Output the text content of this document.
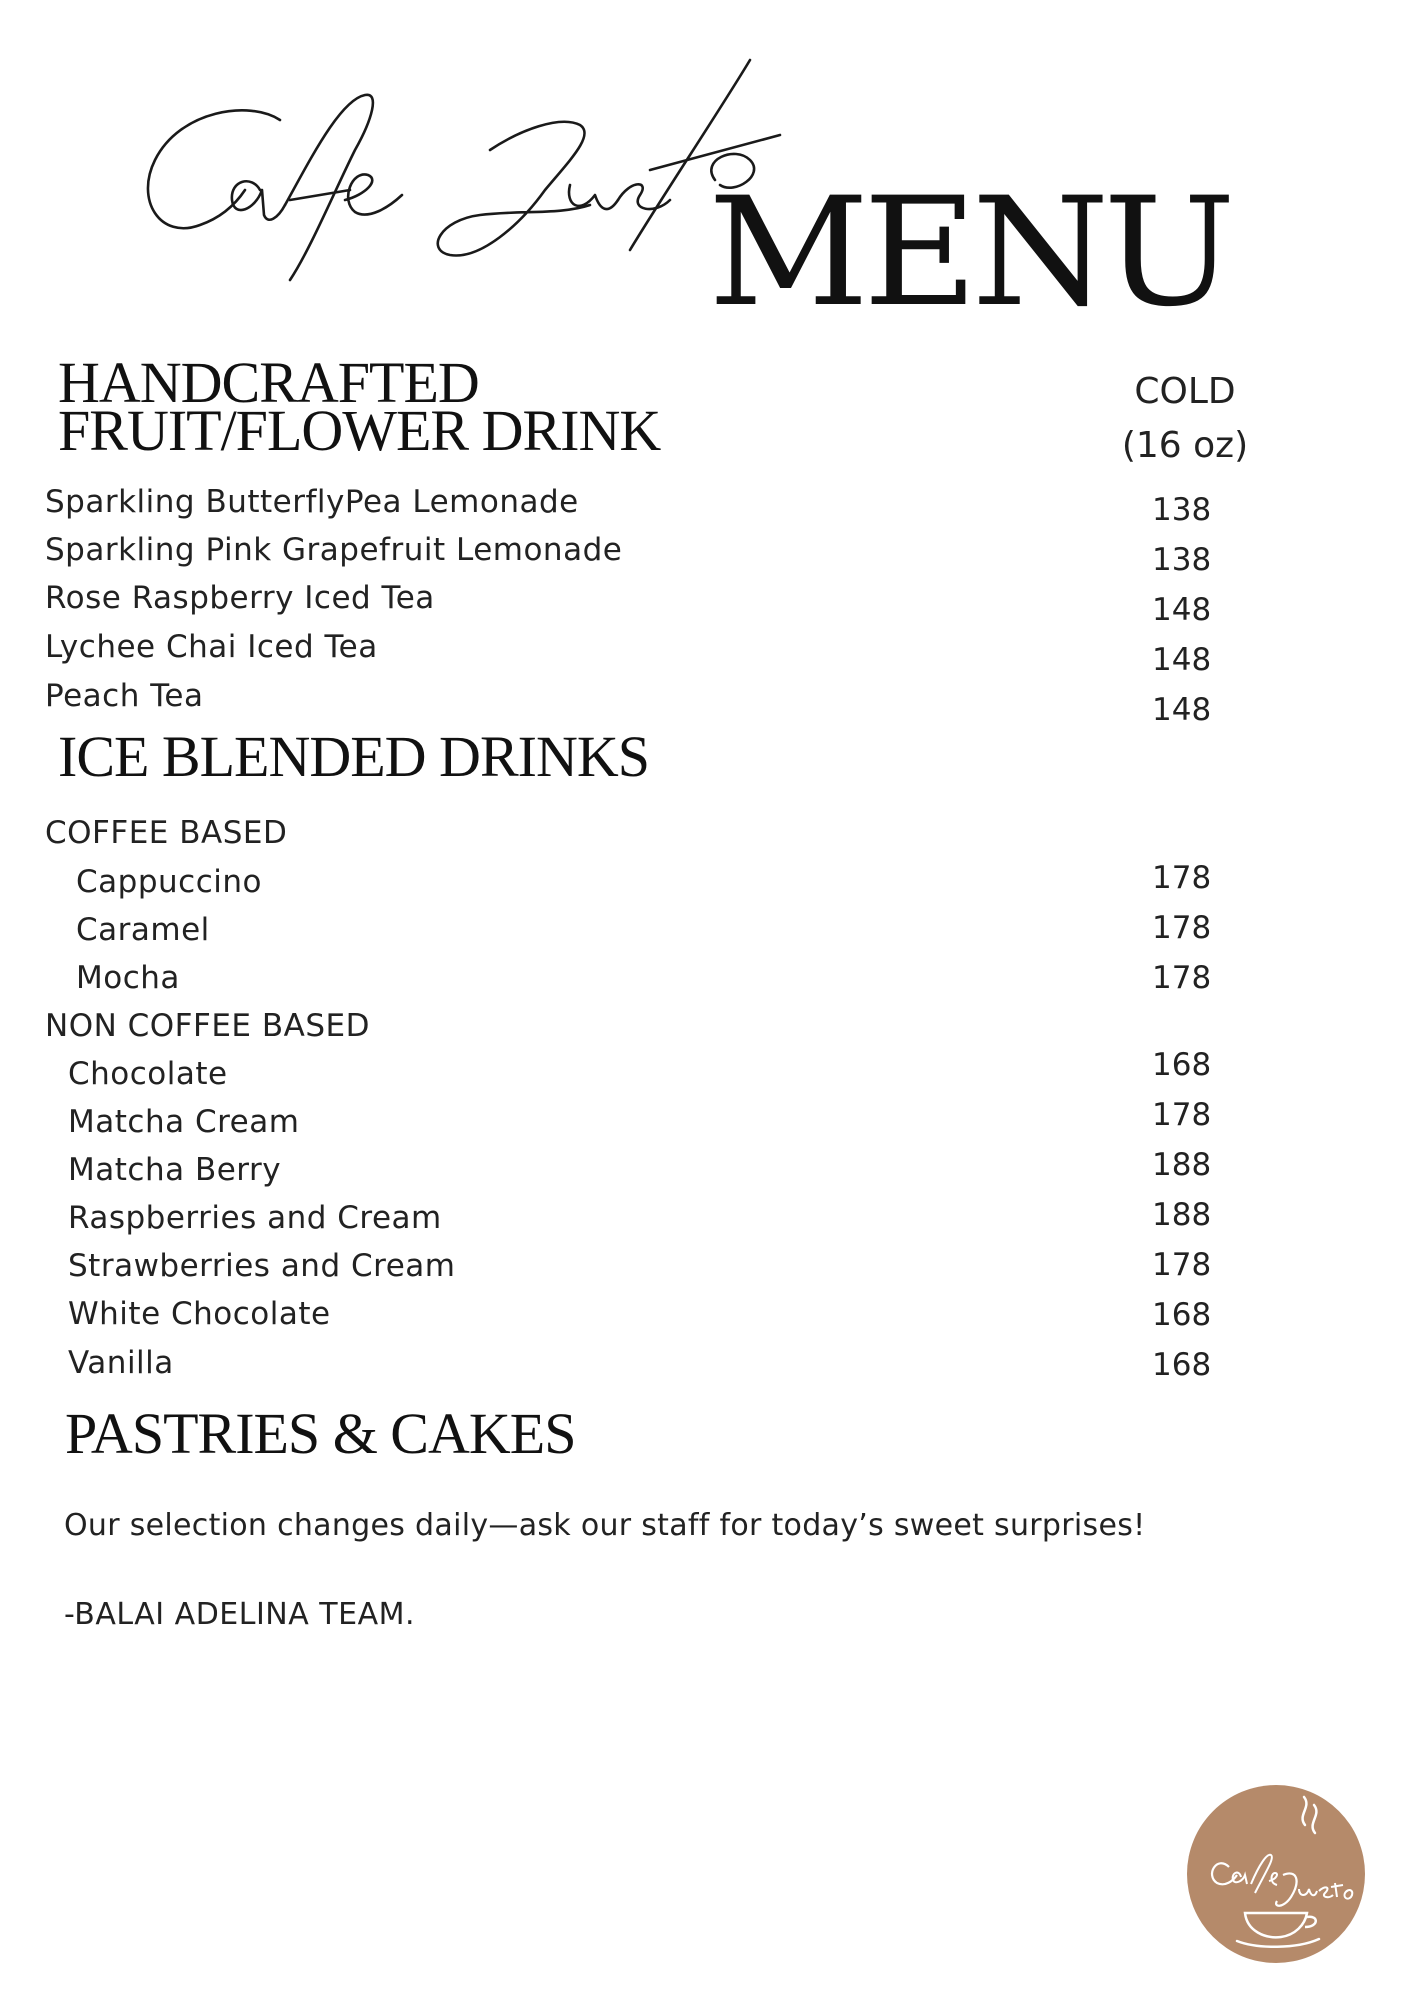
MENU
COLD
(16 oz)
HANDCRAFTED
FRUIT/FLOWER DRINK
Sparkling ButterflyPea Lemonade	138
Sparkling Pink Grapefruit Lemonade	138
Rose Raspberry Iced Tea	148
Lychee Chai Iced Tea	148
Peach Tea	148
ICE BLENDED DRINKS
COFFEE BASED
Cappuccino	178
Caramel	178
Mocha	178
NON COFFEE BASED
Chocolate	168
Matcha Cream	178
Matcha Berry	188
Raspberries and Cream	188
Strawberries and Cream	178
White Chocolate	168
Vanilla	168
PASTRIES & CAKES
Our selection changes daily—ask our staff for today’s sweet surprises!
-BALAI ADELINA TEAM.
